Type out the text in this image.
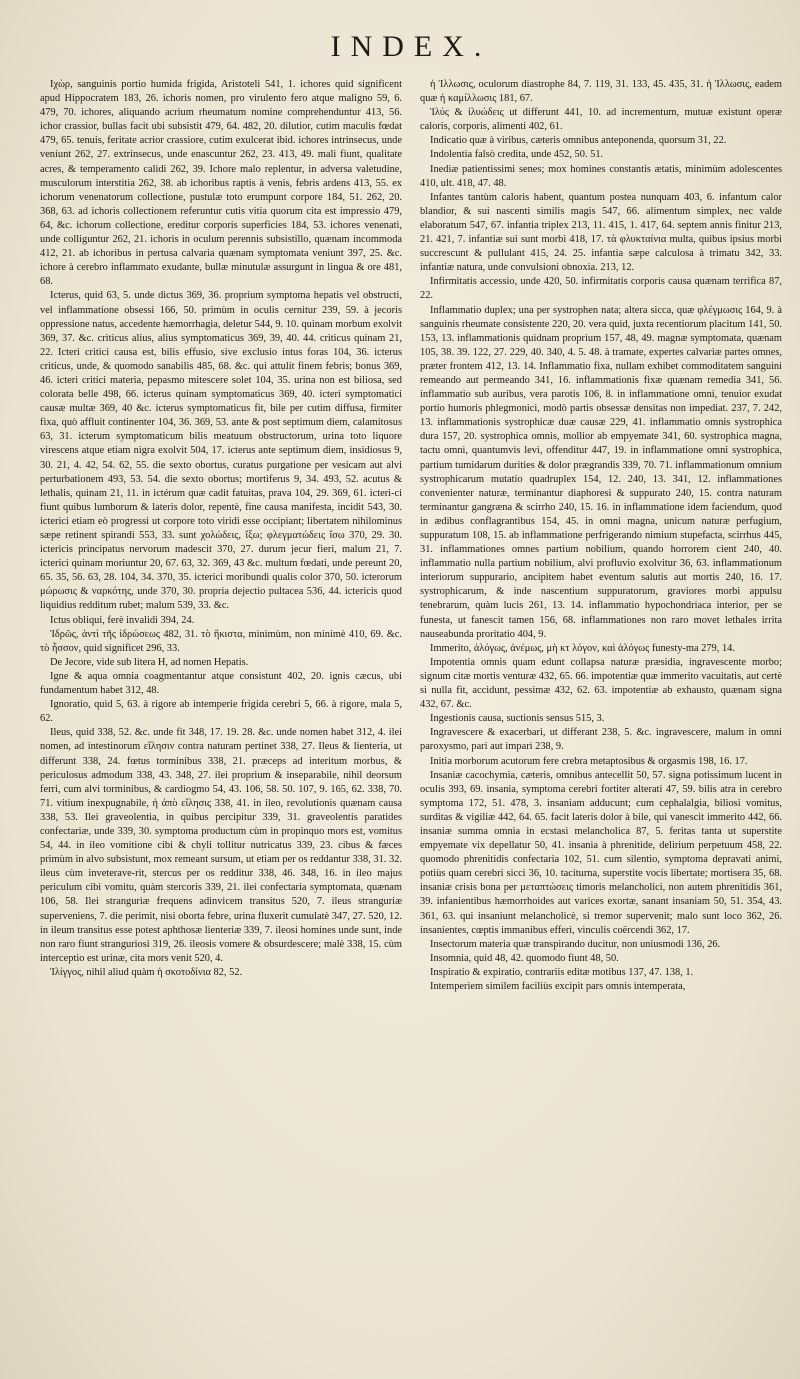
INDEX.

Ιχὼρ, sanguinis portio humida frigida, Aristoteli 541, 1. ichores quid significent apud Hippocratem 183, 26. ichoris nomen, pro virulento fero atque maligno 59, 6. 479, 70. ichores, aliquando acrium rheumatum nomine comprehenduntur 413, 56. ichor crassior, bullas facit ubi subsistit 479, 64. 482, 20. dilutior, cutim maculis fœdat 479, 65. tenuis, feritate acrior crassiore, cutim exulcerat ibid. ichores intrinsecus, unde veniunt 262, 27. extrinsecus, unde enascuntur 262, 23. 413, 49. mali fiunt, qualitate acres, & temperamento calidi 262, 39. Ichore malo replentur, in adversa valetudine, musculorum interstitia 262, 38. ab ichoribus raptis à venis, febris ardens 413, 55. ex ichorum venenatorum collectione, pustulæ toto erumpunt corpore 184, 51. 262, 20. 368, 63. ad ichoris collectionem referuntur cutis vitia quorum cita est impressio 479, 64, &c. ichorum collectione, ereditur corporis superficies 184, 53. ichores venenati, unde colliguntur 262, 21. ichoris in oculum perennis subsistillo, quænam incommoda 412, 21. ab ichoribus in pertusa calvaria quænam symptomata veniunt 397, 25. &c. ichore à cerebro inflammato exudante, bullæ minutulæ assurgunt in lingua & ore 481, 68.

Icterus, quid 63, 5. unde dictus 369, 36. proprium symptoma hepatis vel obstructi, vel inflammatione obsessi 166, 50. primùm in oculis cernitur 239, 59. à jecoris oppressione natus, accedente hæmorrhagia, deletur 544, 9. 10. quinam morbum exolvit 369, 37. &c. criticus alius, alius symptomaticus 369, 39, 40. 44. criticus quinam 21, 22. Icteri critici causa est, bilis effusio, sive exclusio intus foras 104, 36. icterus criticus, unde, & quomodo sanabilis 485, 68. &c. qui attulit finem febris; bonus 369, 46. icteri critici materia, pepasmo mitescere solet 104, 35. urina non est biliosa, sed colorata belle 498, 66. icterus quinam symptomaticus 369, 40. icteri symptomatici causæ multæ 369, 40 &c. icterus symptomaticus fit, bile per cutim diffusa, firmiter fixa, quò affluit continenter 104, 36. 369, 53. ante & post septimum diem, calamitosus 63, 31. icterum symptomaticum bilis meatuum obstructorum, urina toto liquore virescens atque etiam nigra exolvit 504, 17. icterus ante septimum diem, insidiosus 9, 30. 21, 4. 42, 54. 62, 55. die sexto obortus, curatus purgatione per vesicam aut alvi perturbationem 493, 53. 54. die sexto obortus; mortiferus 9, 34. 493, 52. acutus & lethalis, quinam 21, 11. in ictérum quæ cadit fatuitas, prava 104, 29. 369, 61. icteri-ci fiunt quibus lumborum & lateris dolor, repentè, fine causa manifesta, incidit 543, 30. icterici etiam eò progressi ut corpore toto viridi esse occipiant; libertatem nihilominus sæpe retinent spirandi 553, 33. sunt χολώδεις, ἴξω; φλεγματώδεις ἴσω 370, 29. 30. ictericis principatus nervorum madescit 370, 27. durum jecur fieri, malum 21, 7. icterici quinam moriuntur 20, 67. 63, 32. 369, 43 &c. multum fœdati, unde pereunt 20, 65. 35, 56. 63, 28. 104, 34. 370, 35. icterici moribundi qualis color 370, 50. icterorum μώρωσις & ναρκότης, unde 370, 30. propria dejectio pultacea 536, 44. ictericis quod liquidius redditum rubet; malum 539, 33. &c.

Ictus obliqui, ferè invalidi 394, 24.

Ἰδρῶς, ἀντὶ τῆς ἰδρώσεως 482, 31. τὸ ἥκιστα, minimùm, non minimè 410, 69. &c. τὸ ἧσσον, quid significet 296, 33.

De Jecore, vide sub litera H, ad nomen Hepatis.

Igne & aqua omnia coagmentantur atque consistunt 402, 20. ignis cæcus, ubi fundamentum habet 312, 48.

Ignoratio, quid 5, 63. à rigore ab intemperie frigida cerebri 5, 66. à rigore, mala 5, 62.

Ileus, quid 338, 52. &c. unde fit 348, 17. 19. 28. &c. unde nomen habet 312, 4. ilei nomen, ad intestinorum εἴλησιν contra naturam pertinet 338, 27. Ileus & lienteria, ut differunt 338, 24. fœtus torminibus 338, 21. præceps ad interitum morbus, & periculosus admodum 338, 43. 348, 27. ilei proprium & inseparabile, nihil deorsum ferri, cum alvi torminibus, & cardiogmo 54, 43. 106, 58. 50. 107, 9. 165, 62. 338, 70. 71. vitium inexpugnabile, ἡ ἀπὸ εἴλησις 338, 41. in ileo, revolutionis quænam causa 338, 53. Ilei graveolentia, in quibus percipitur 339, 31. graveolentis paratides confectariæ, unde 339, 30. symptoma productum cùm in propinquo mors est, vomitus 54, 44. in ileo vomitione cibi & chyli tollitur nutricatus 339, 23. cibus & fæces primùm in alvo subsistunt, mox remeant sursum, ut etiam per os reddantur 338, 31. 32. ileus cùm inveterave-rit, stercus per os redditur 338, 46. 348, 16. in ileo majus periculum cibi vomitu, quàm stercoris 339, 21. ilei confectaria symptomata, quænam 106, 58. Ilei strangurìæ frequens adinvicem transitus 520, 7. ileus stranguriæ superveniens, 7. die perimit, nisi oborta febre, urina fluxerit cumulatè 347, 27. 520, 12. in ileum transitus esse potest aphthosæ lienteriæ 339, 7. ileosi homines unde sunt, inde non raro fiunt stranguriosi 319, 26. ileosis vomere & obsurdescere; malè 338, 15. cùm interceptio est urinæ, cita mors venit 520, 4.

Ἰλίγγος, nihil aliud quàm ἡ σκοτοδίνια 82, 52.

ἡ Ἰλλωσις, oculorum diastrophe 84, 7. 119, 31. 133, 45. 435, 31. ἡ Ἰλλωσις, eadem quæ ἡ καμίλλωσις 181, 67.

Ἰλύς & ἰλυώδεις ut differunt 441, 10. ad incrementum, mutuæ existunt operæ caloris, corporis, alimenti 402, 61.

Indicatio quæ à viribus, cæteris omnibus anteponenda, quorsum 31, 22.

Indolentia falsò credita, unde 452, 50. 51.

Inediæ patientissimi senes; mox homines constantis ætatis, minimùm adolescentes 410, ult. 418, 47. 48.

Infantes tantùm caloris habent, quantum postea nunquam 403, 6. infantum calor blandior, & sui nascenti similis magis 547, 66. alimentum simplex, nec valde elaboratum 547, 67. infantia triplex 213, 11. 415, 1. 417, 64. septem annis finitur 213, 21. 421, 7. infantiæ sui sunt morbi 418, 17. τὰ φλυκταίνια multa, quibus ipsius morbi succrescunt & pullulant 415, 24. 25. infantia sæpe calculosa à trimatu 342, 33. infantiæ natura, unde convulsioni obnoxia. 213, 12.

Infirmitatis accessio, unde 420, 50. infirmitatis corporis causa quænam terrifica 87, 22.

Inflammatio duplex; una per systrophen nata; altera sicca, quæ φλέγμωσις 164, 9. à sanguinis rheumate consistente 220, 20. vera quid, juxta recentiorum placitum 141, 50. 153, 13. inflammationis quidnam proprium 157, 48, 49. magnæ symptomata, quænam 105, 38. 39. 122, 27. 229, 40. 340, 4. 5. 48. à tramate, expertes calvariæ partes omnes, præter frontem 412, 13. 14. Inflammatio fixa, nullam exhibet commoditatem sanguini remeando aut permeando 341, 16. inflammationis fixæ quænam remedia 341, 56. inflammatio sub auribus, vera parotis 106, 8. in inflammatione omni, tenuior exudat portio humoris phlegmonici, modò partis obsessæ densitas non impediat. 237, 7. 242, 13. inflammationis systrophicæ duæ causæ 229, 41. inflammatio omnis systrophica dura 157, 20. systrophica omnis, mollior ab empyemate 341, 60. systrophica magna, tactu omni, quantumvis levi, offenditur 447, 19. in inflammatione omni systrophica, partium tumidarum durities & dolor prægrandis 339, 70. 71. inflammationum omnium systrophicarum mutatio quadruplex 154, 12. 240, 13. 341, 12. inflammationes convenienter naturæ, terminantur diaphoresi & suppurato 240, 15. contra naturam terminantur gangræna & scirrho 240, 15. 16. in inflammatione idem faciendum, quod in ædibus conflagrantibus 154, 45. in omni magna, unicum naturæ perfugium, suppuratum 108, 15. ab inflammatione perfrigerando nimium stupefacta, scirrhus 445, 31. inflammationes omnes partium nobilium, quando horrorem cient 240, 40. inflammatio nulla partium nobilium, alvi profluvio exolvitur 36, 63. inflammationum interiorum suppurario, ancipitem habet eventum salutis aut mortis 240, 16. 17. systrophicarum, & inde nascentium suppuratorum, graviores morbi appulsu tenebrarum, quàm lucis 261, 13. 14. inflammatio hypochondriaca interior, per se funesta, ut fanescit tamen 156, 68. inflammationes non raro movet lethales irrita nausеabunda proritatio 404, 9.

Immerito, ἀλόγως, ἀνέμως, μὴ κτ λόγον, καὶ ἀλόγως funesty-ma 279, 14.

Impotentia omnis quam edunt collapsa naturæ præsidia, ingravescente morbo; signum citæ mortis venturæ 432, 65. 66. impotentiæ quæ immerito vacuitatis, aut certè si nulla fit, accidunt, pessimæ 432, 62. 63. impotentiæ ab exhausto, quænam signa 432, 67. &c.

Ingestionis causa, suctionis sensus 515, 3.

Ingravescere & exacerbari, ut differant 238, 5. &c. ingravescere, malum in omni paroxysmo, pari aut impari 238, 9.

Initia morborum acutorum fere crebra metaptosibus & orgasmis 198, 16. 17.

Insaniæ cacochymia, cæteris, omnibus antecellit 50, 57. signa potissimum lucent in oculis 393, 69. insania, symptoma cerebri fortiter alterati 47, 59. bilis atra in cerebro symptoma 172, 51. 478, 3. insaniam adducunt; cum cephalalgia, biliosi vomitus, surditas & vigiliæ 442, 64. 65. facit lateris dolor à bile, qui vanescit immerito 442, 66. insaniæ summa omnia in ecstasi melancholica 87, 5. feritas tanta ut superstite empyemate vix depellatur 50, 41. insania à phrenitide, delirium perpetuum 458, 22. quomodo phrenitidis confectaria 102, 51. cum silentio, symptoma depravati animi, potiùs quam cerebri sicci 36, 10. taciturna, superstite vocis libertate; mortisera 35, 68. insaniæ crisis bona per μεταπτώσεις timoris melancholici, non autem phrenitidis 361, 39. infanientibus hæmorrhoides aut varices exortæ, sanant insaniam 50, 51. 354, 43. 361, 63. qui insaniunt melancholicè, si tremor supervenit; malo sunt loco 362, 26. insanientes, cœptis immanibus efferi, vinculis coërcendi 362, 17.

Insectorum materia quæ transpirando ducitur, non uniusmodi 136, 26.

Insomnia, quid 48, 42. quomodo fiunt 48, 50.

Inspiratio & expiratio, contrariis editæ motibus 137, 47. 138, 1.

Intemperiem similem faciliùs excipit pars omnis intemperata,
